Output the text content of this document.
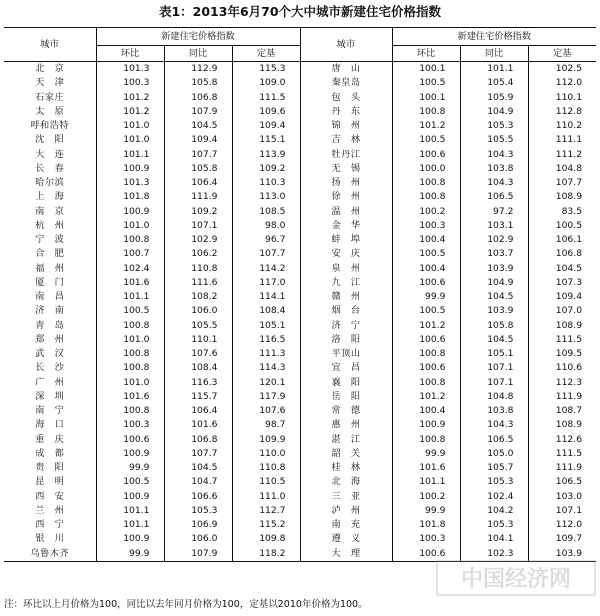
表1：2013年6月70个大中城市新建住宅价格指数
城市	新建住宅价格指数			城市	新建住宅价格指数		
	环比	同比	定基		环比	同比	定基
北　京	101.3	112.9	115.3	唐　山	100.1	101.1	102.5
天　津	100.3	105.8	109.0	秦皇岛	100.5	105.4	112.0
石家庄	101.2	106.8	111.5	包　头	100.1	105.9	110.1
太　原	101.2	107.9	109.6	丹　东	100.8	104.9	112.8
呼和浩特	101.0	104.5	109.4	锦　州	101.2	105.3	110.2
沈　阳	101.0	109.4	115.1	吉　林	100.5	105.5	111.1
大　连	101.1	107.7	113.9	牡丹江	100.6	104.3	111.2
长　春	100.9	105.8	109.2	无　锡	100.0	103.8	104.8
哈尔滨	101.3	106.4	110.3	扬　州	100.8	104.3	107.7
上　海	101.8	111.9	113.0	徐　州	100.8	106.5	108.9
南　京	100.9	109.2	108.5	温　州	100.2	97.2	83.5
杭　州	101.0	107.1	98.0	金　华	100.3	103.1	100.5
宁　波	100.8	102.9	96.7	蚌　埠	100.4	102.9	106.1
合　肥	100.7	106.2	107.7	安　庆	100.5	103.7	106.8
福　州	102.4	110.8	114.2	泉　州	100.4	103.9	104.5
厦　门	101.6	111.6	117.0	九　江	100.6	104.9	107.3
南　昌	101.1	108.2	114.1	赣　州	99.9	104.5	109.4
济　南	100.5	106.0	108.4	烟　台	100.5	103.9	107.0
青　岛	100.8	105.5	105.1	济　宁	101.2	105.8	108.9
郑　州	101.0	110.1	116.5	洛　阳	100.6	104.5	111.5
武　汉	100.8	107.6	111.3	平顶山	100.8	105.1	109.5
长　沙	100.8	108.4	114.3	宜　昌	100.6	107.1	110.6
广　州	101.0	116.3	120.1	襄　阳	100.8	107.1	112.3
深　圳	101.6	115.7	117.9	岳　阳	101.2	104.8	111.9
南　宁	100.8	106.4	107.6	常　德	100.4	103.8	108.7
海　口	100.3	101.6	98.7	惠　州	100.9	104.3	108.9
重　庆	100.6	106.8	109.9	湛　江	100.8	106.5	112.6
成　都	100.9	107.7	110.0	韶　关	99.9	105.0	111.5
贵　阳	99.9	104.5	110.8	桂　林	101.6	105.7	111.9
昆　明	100.5	104.7	110.5	北　海	101.1	105.3	106.5
西　安	100.9	106.6	111.0	三　亚	100.2	102.4	103.0
兰　州	101.1	105.3	112.7	泸　州	99.9	104.2	107.1
西　宁	101.1	106.9	115.2	南　充	101.8	105.3	112.0
银　川	100.9	106.0	109.8	遵　义	100.3	104.1	109.7
乌鲁木齐	99.9	107.9	118.2	大　理	100.6	102.3	103.9
注：环比以上月价格为100，同比以去年同月价格为100，定基以2010年价格为100。
中国经济网
